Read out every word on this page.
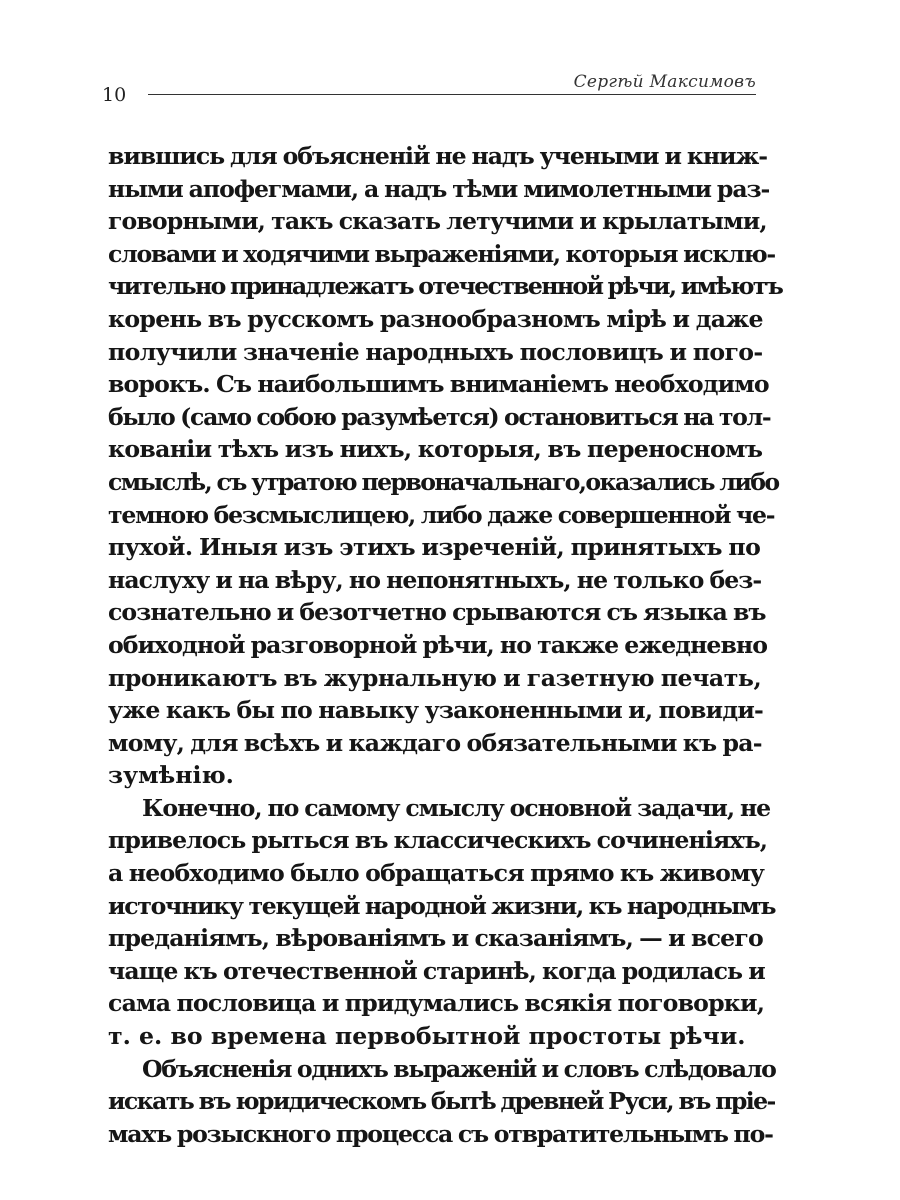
10
Сергѣй Максимовъ

вившись для объясненій не надъ учеными и книж-
ными апофегмами, а надъ тѣми мимолетными раз-
говорными, такъ сказать летучими и крылатыми,
словами и ходячими выраженіями, которыя исклю-
чительно принадлежатъ отечественной рѣчи, имѣютъ
корень въ русскомъ разнообразномъ мірѣ и даже
получили значеніе народныхъ пословицъ и пого-
ворокъ. Съ наибольшимъ вниманіемъ необходимо
было (само собою разумѣется) остановиться на тол-
кованіи тѣхъ изъ нихъ, которыя, въ переносномъ
смыслѣ, съ утратою первоначальнаго,оказались либо
темною безсмыслицею, либо даже совершенной че-
пухой. Иныя изъ этихъ изреченій, принятыхъ по
наслуху и на вѣру, но непонятныхъ, не только без-
сознательно и безотчетно срываются съ языка въ
обиходной разговорной рѣчи, но также ежедневно
проникаютъ въ журнальную и газетную печать,
уже какъ бы по навыку узаконенными и, повиди-
мому, для всѣхъ и каждаго обязательными къ ра-
зумѣнію.

Конечно, по самому смыслу основной задачи, не
привелось рыться въ классическихъ сочиненіяхъ,
а необходимо было обращаться прямо къ живому
источнику текущей народной жизни, къ народнымъ
преданіямъ, вѣрованіямъ и сказаніямъ, — и всего
чаще къ отечественной старинѣ, когда родилась и
сама пословица и придумались всякія поговорки,
т. е. во времена первобытной простоты рѣчи.

Объясненія однихъ выраженій и словъ слѣдовало
искать въ юридическомъ бытѣ древней Руси, въ пріе-
махъ розыскного процесса съ отвратительнымъ по-
